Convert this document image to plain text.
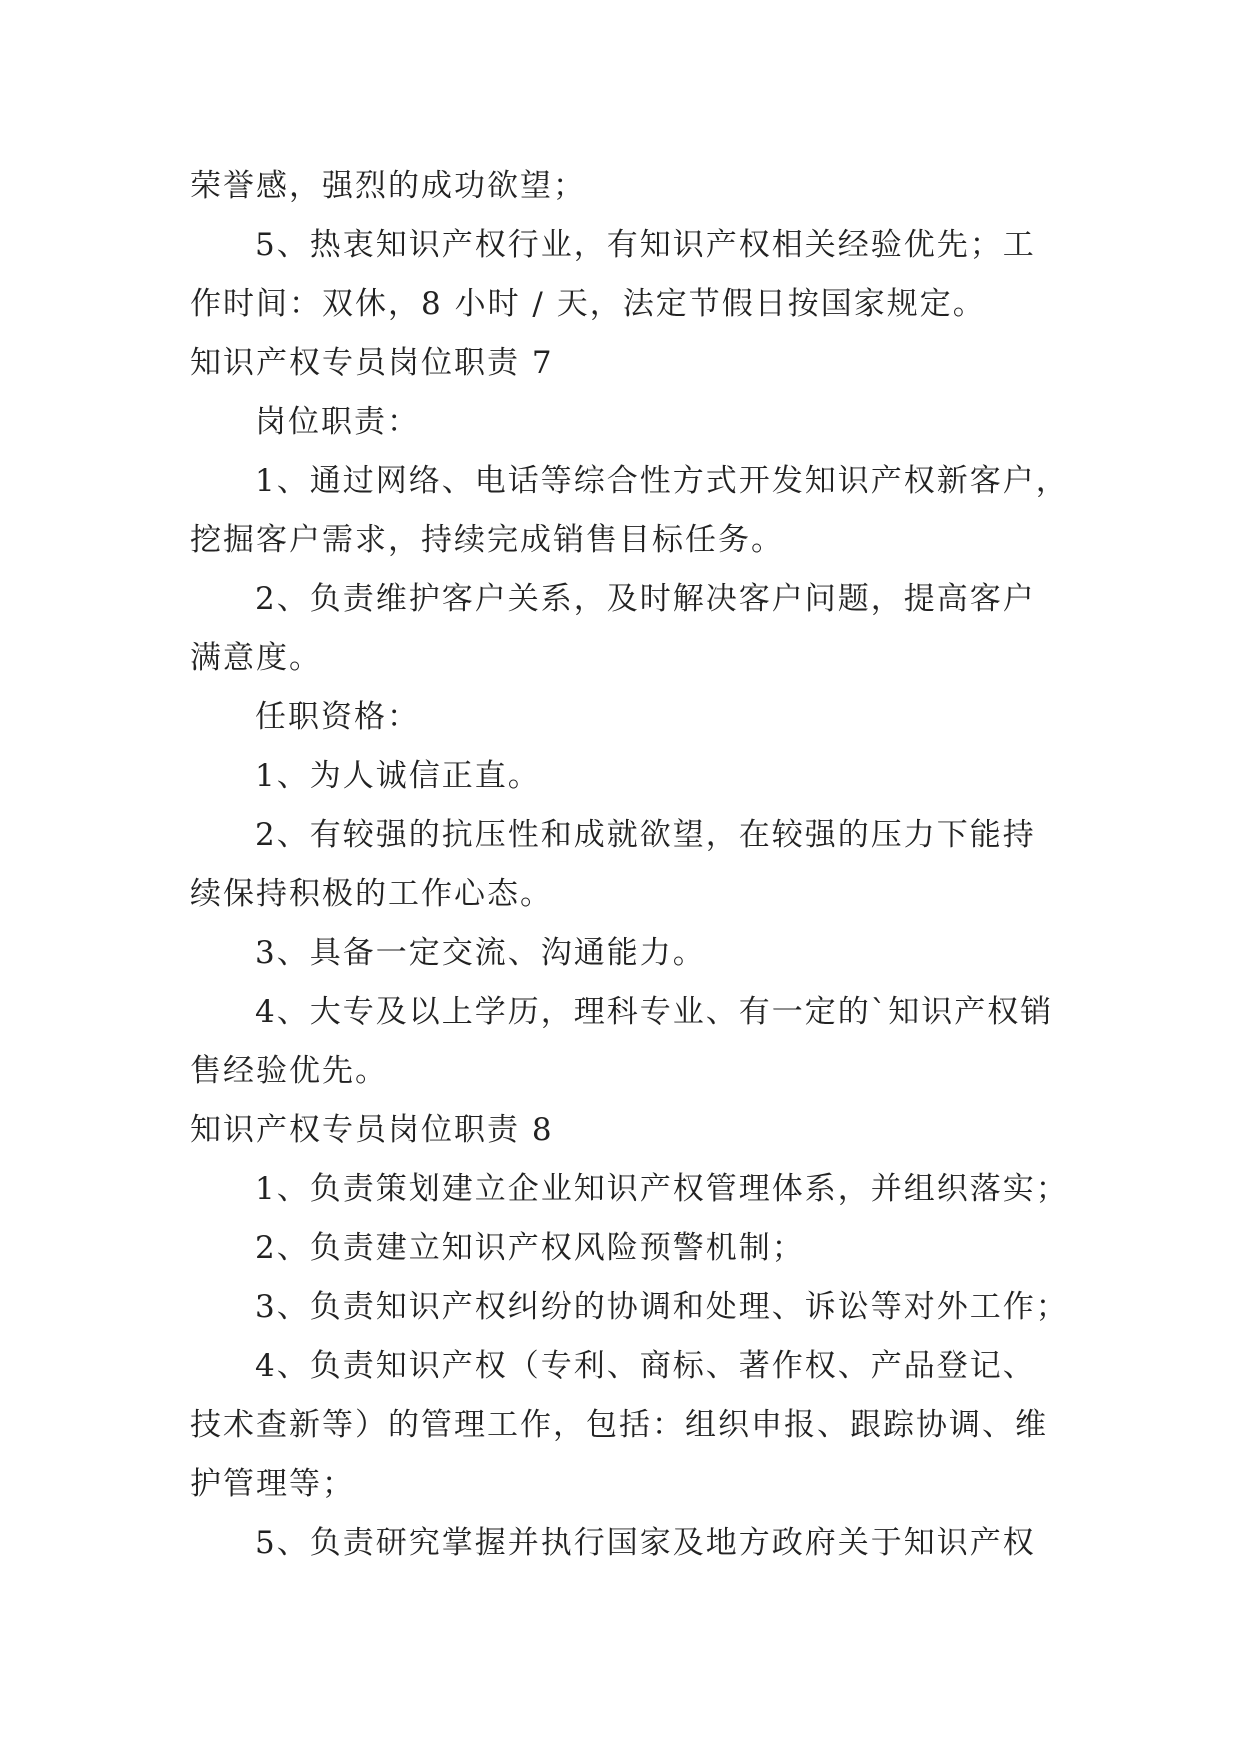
荣誉感，强烈的成功欲望；
5、热衷知识产权行业，有知识产权相关经验优先；工
作时间：双休，8 小时 / 天，法定节假日按国家规定。
知识产权专员岗位职责 7
岗位职责：
1、通过网络、电话等综合性方式开发知识产权新客户，
挖掘客户需求，持续完成销售目标任务。
2、负责维护客户关系，及时解决客户问题，提高客户
满意度。
任职资格：
1、为人诚信正直。
2、有较强的抗压性和成就欲望，在较强的压力下能持
续保持积极的工作心态。
3、具备一定交流、沟通能力。
4、大专及以上学历，理科专业、有一定的`知识产权销
售经验优先。
知识产权专员岗位职责 8
1、负责策划建立企业知识产权管理体系，并组织落实；
2、负责建立知识产权风险预警机制；
3、负责知识产权纠纷的协调和处理、诉讼等对外工作；
4、负责知识产权（专利、商标、著作权、产品登记、
技术查新等）的管理工作，包括：组织申报、跟踪协调、维
护管理等；
5、负责研究掌握并执行国家及地方政府关于知识产权
